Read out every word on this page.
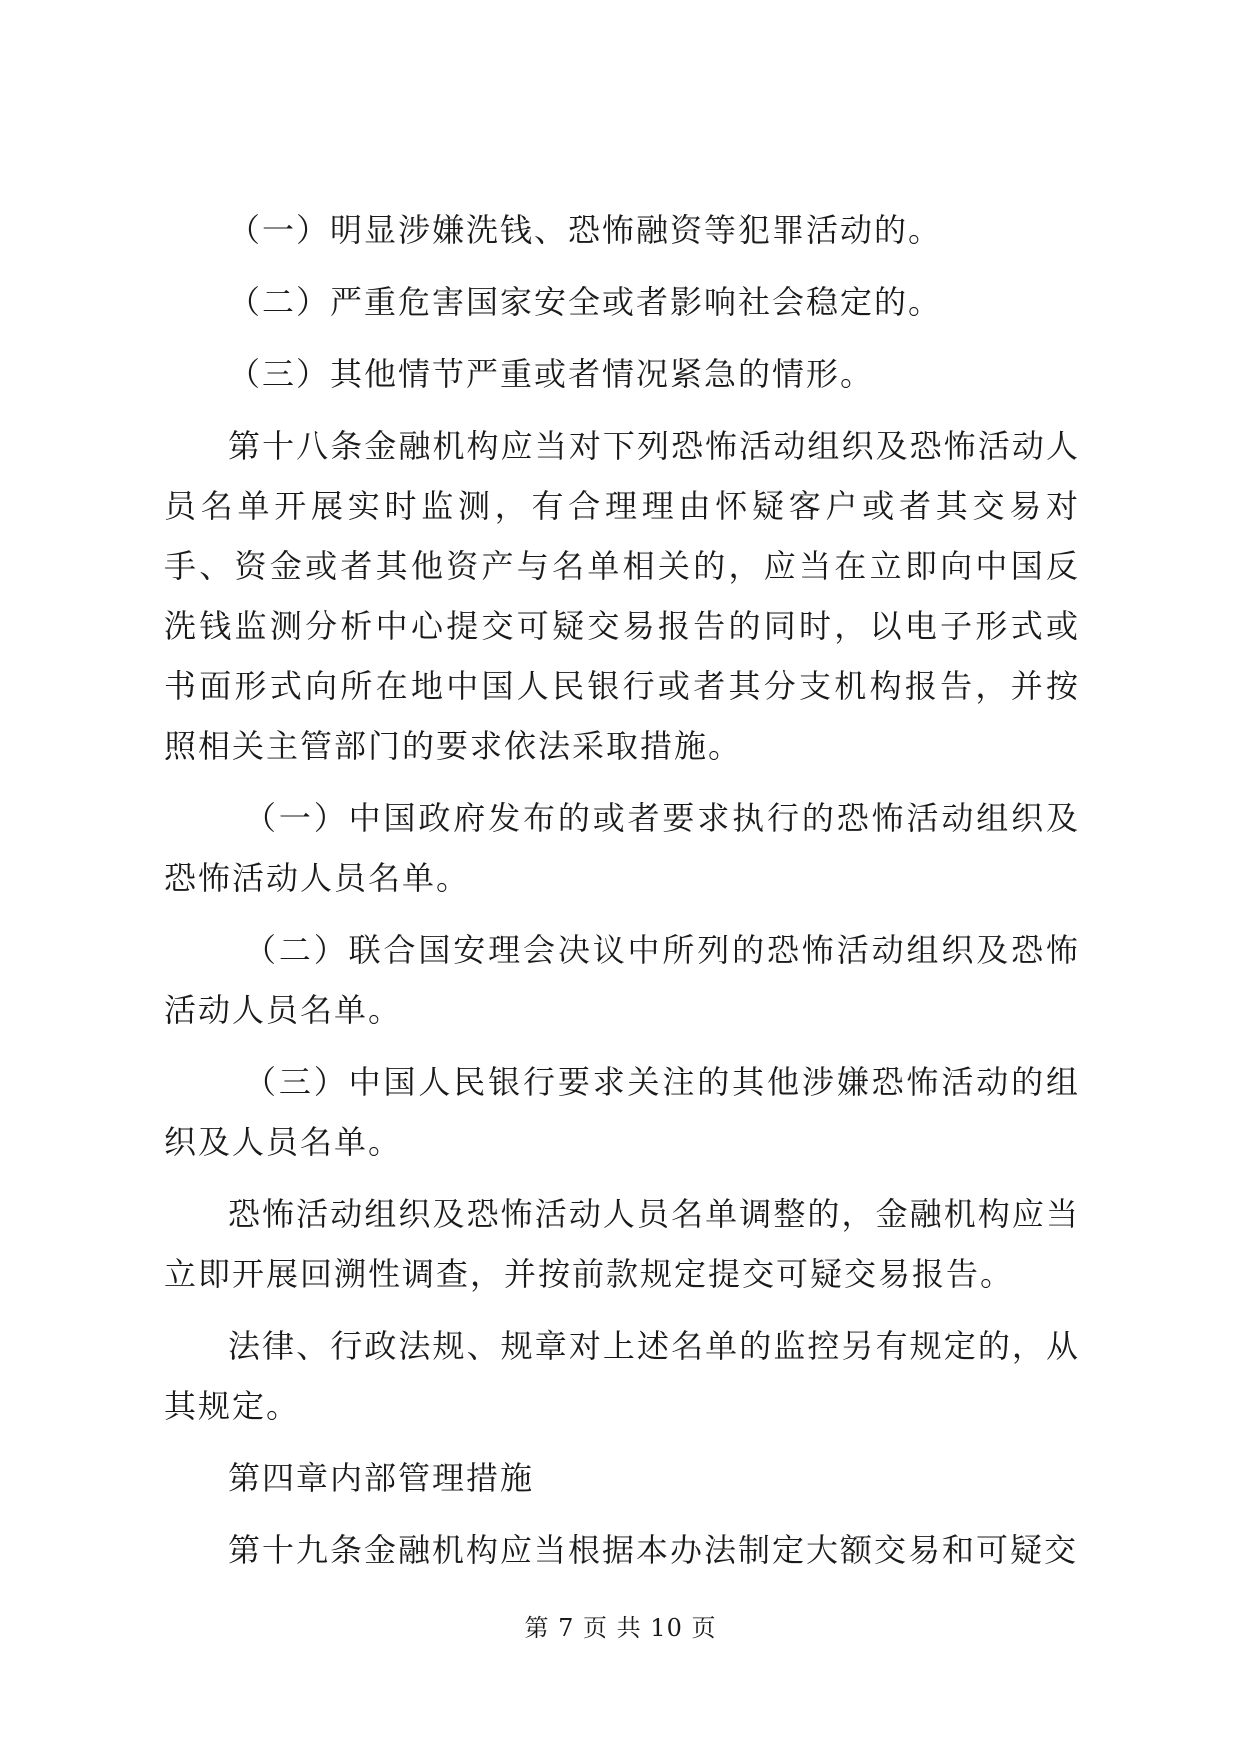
（一）明显涉嫌洗钱、恐怖融资等犯罪活动的。

（二）严重危害国家安全或者影响社会稳定的。

（三）其他情节严重或者情况紧急的情形。

第十八条金融机构应当对下列恐怖活动组织及恐怖活动人员名单开展实时监测，有合理理由怀疑客户或者其交易对手、资金或者其他资产与名单相关的，应当在立即向中国反洗钱监测分析中心提交可疑交易报告的同时，以电子形式或书面形式向所在地中国人民银行或者其分支机构报告，并按照相关主管部门的要求依法采取措施。

（一）中国政府发布的或者要求执行的恐怖活动组织及恐怖活动人员名单。

（二）联合国安理会决议中所列的恐怖活动组织及恐怖活动人员名单。

（三）中国人民银行要求关注的其他涉嫌恐怖活动的组织及人员名单。

恐怖活动组织及恐怖活动人员名单调整的，金融机构应当立即开展回溯性调查，并按前款规定提交可疑交易报告。

法律、行政法规、规章对上述名单的监控另有规定的，从其规定。

第四章内部管理措施

第十九条金融机构应当根据本办法制定大额交易和可疑交

第 7 页 共 10 页
